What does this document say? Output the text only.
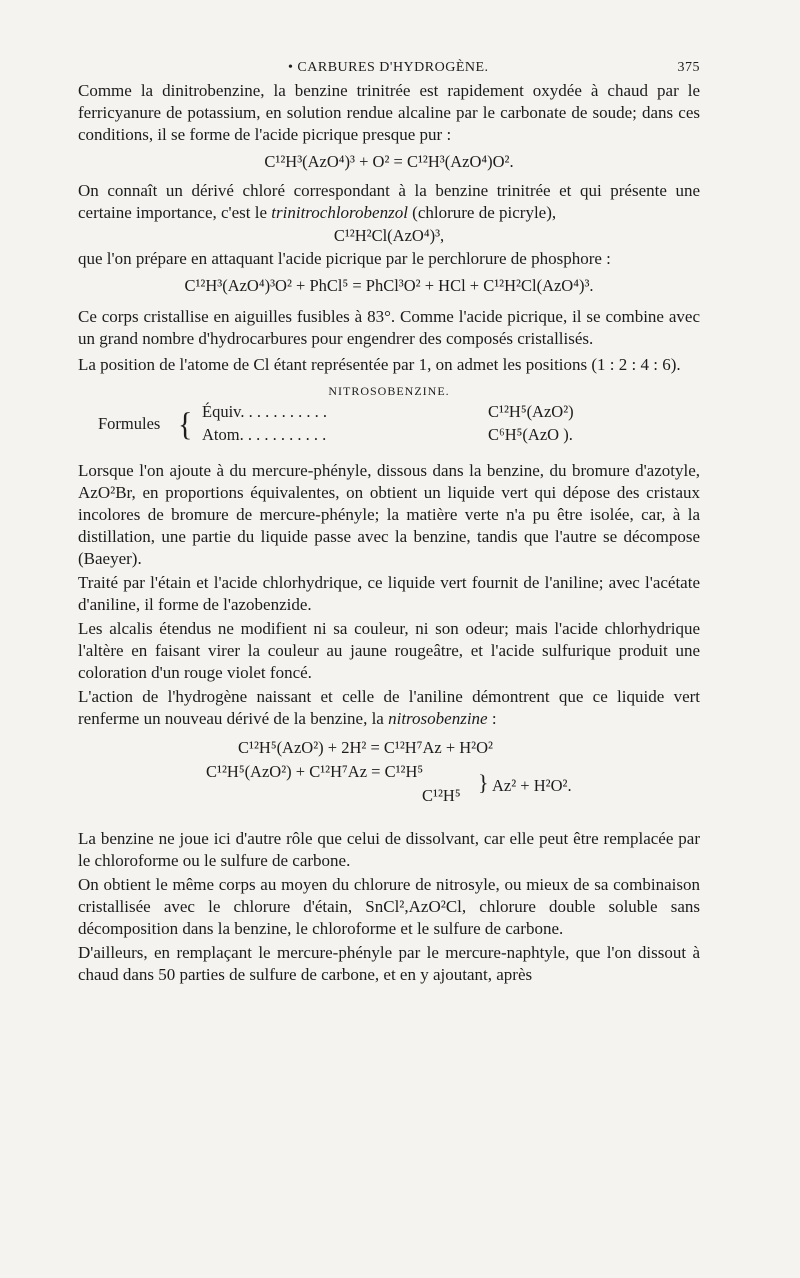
• CARBURES D'HYDROGÈNE.	375

Comme la dinitrobenzine, la benzine trinitrée est rapidement oxydée à chaud par le ferricyanure de potassium, en solution rendue alcaline par le carbonate de soude; dans ces conditions, il se forme de l'acide picrique presque pur :

C¹²H³(AzO⁴)³ + O² = C¹²H³(AzO⁴)O².

On connaît un dérivé chloré correspondant à la benzine trinitrée et qui présente une certaine importance, c'est le trinitrochlorobenzol (chlorure de picryle),

C¹²H²Cl(AzO⁴)³,

que l'on prépare en attaquant l'acide picrique par le perchlorure de phosphore :

C¹²H³(AzO⁴)³O² + PhCl⁵ = PhCl³O² + HCl + C¹²H²Cl(AzO⁴)³.

Ce corps cristallise en aiguilles fusibles à 83°. Comme l'acide picrique, il se combine avec un grand nombre d'hydrocarbures pour engendrer des composés cristallisés.

La position de l'atome de Cl étant représentée par 1, on admet les positions (1 : 2 : 4 : 6).

NITROSOBENZINE.
Formules { Équiv. . . . . . . . . . .	C¹²H⁵(AzO²)
Atom. . . . . . . . . . .	C⁶H⁵(AzO ).

Lorsque l'on ajoute à du mercure-phényle, dissous dans la benzine, du bromure d'azotyle, AzO²Br, en proportions équivalentes, on obtient un liquide vert qui dépose des cristaux incolores de bromure de mercure-phényle; la matière verte n'a pu être isolée, car, à la distillation, une partie du liquide passe avec la benzine, tandis que l'autre se décompose (Baeyer).

Traité par l'étain et l'acide chlorhydrique, ce liquide vert fournit de l'aniline; avec l'acétate d'aniline, il forme de l'azobenzide.

Les alcalis étendus ne modifient ni sa couleur, ni son odeur; mais l'acide chlorhydrique l'altère en faisant virer la couleur au jaune rougeâtre, et l'acide sulfurique produit une coloration d'un rouge violet foncé.

L'action de l'hydrogène naissant et celle de l'aniline démontrent que ce liquide vert renferme un nouveau dérivé de la benzine, la nitrosobenzine :

C¹²H⁵(AzO²) + 2H² = C¹²H⁷Az + H²O²
C¹²H⁵(AzO²) + C¹²H⁷Az = C¹²H⁵
C¹²H⁵
} Az² + H²O².

La benzine ne joue ici d'autre rôle que celui de dissolvant, car elle peut être remplacée par le chloroforme ou le sulfure de carbone.

On obtient le même corps au moyen du chlorure de nitrosyle, ou mieux de sa combinaison cristallisée avec le chlorure d'étain, SnCl²,AzO²Cl, chlorure double soluble sans décomposition dans la benzine, le chloroforme et le sulfure de carbone.

D'ailleurs, en remplaçant le mercure-phényle par le mercure-naphtyle, que l'on dissout à chaud dans 50 parties de sulfure de carbone, et en y ajoutant, après
